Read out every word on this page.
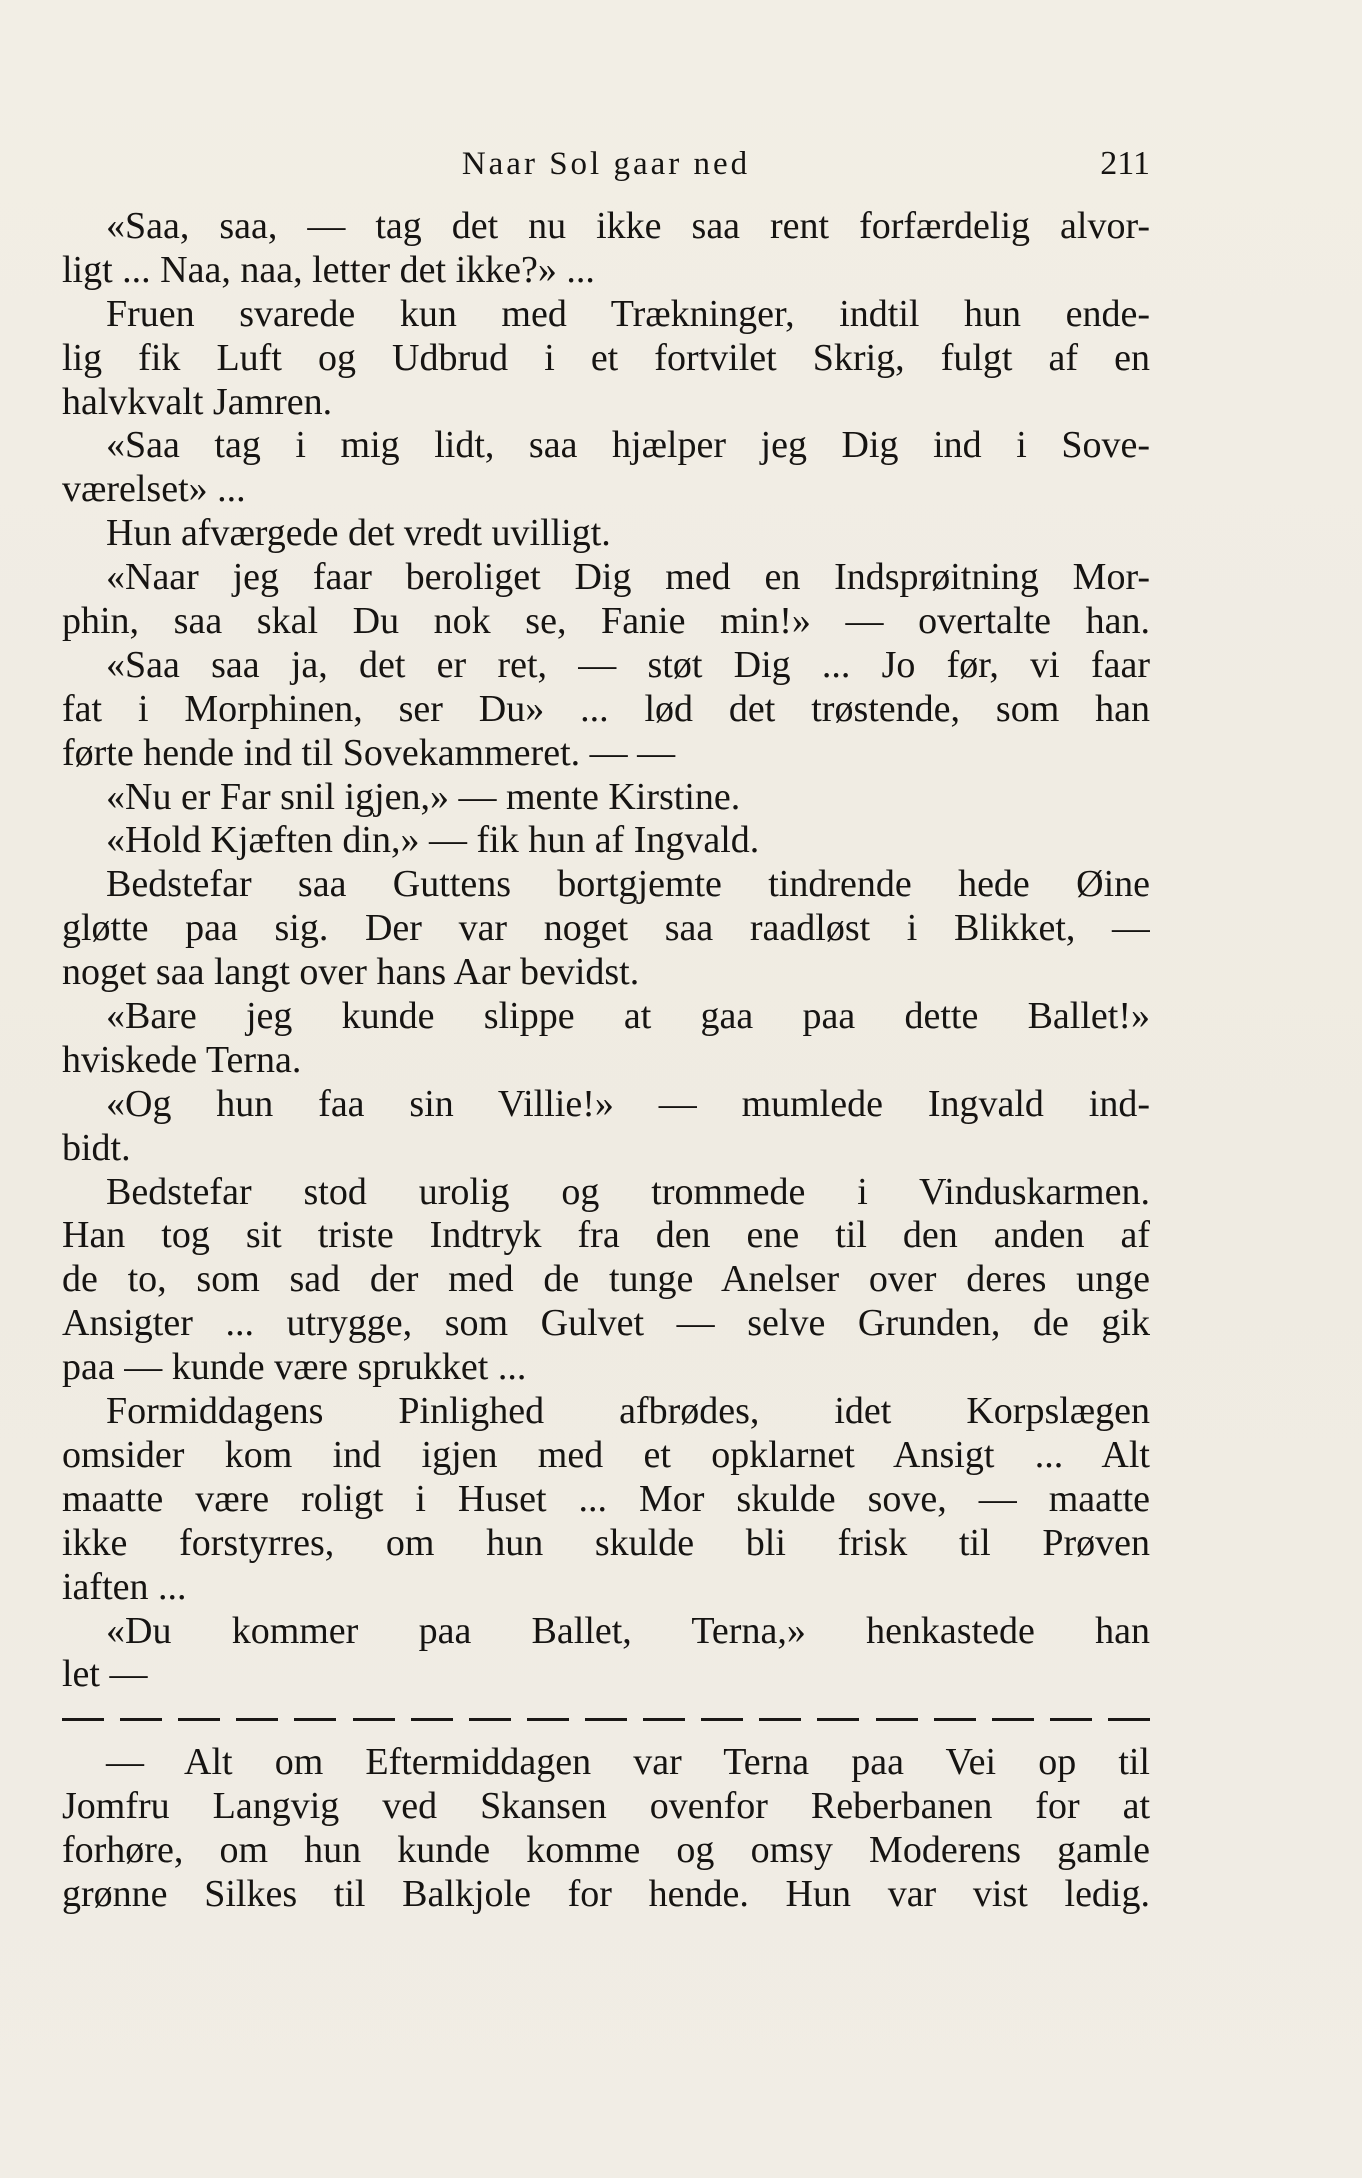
Naar Sol gaar ned	211
«Saa, saa, — tag det nu ikke saa rent forfærdelig alvor-
ligt ... Naa, naa, letter det ikke?» ...
Fruen svarede kun med Trækninger, indtil hun ende-
lig fik Luft og Udbrud i et fortvilet Skrig, fulgt af en
halvkvalt Jamren.
«Saa tag i mig lidt, saa hjælper jeg Dig ind i Sove-
værelset» ...
Hun afværgede det vredt uvilligt.
«Naar jeg faar beroliget Dig med en Indsprøitning Mor-
phin, saa skal Du nok se, Fanie min!» — overtalte han.
«Saa saa ja, det er ret, — støt Dig ... Jo før, vi faar
fat i Morphinen, ser Du» ... lød det trøstende, som han
førte hende ind til Sovekammeret. — —
«Nu er Far snil igjen,» — mente Kirstine.
«Hold Kjæften din,» — fik hun af Ingvald.
Bedstefar saa Guttens bortgjemte tindrende hede Øine
gløtte paa sig. Der var noget saa raadløst i Blikket, —
noget saa langt over hans Aar bevidst.
«Bare jeg kunde slippe at gaa paa dette Ballet!»
hviskede Terna.
«Og hun faa sin Villie!» — mumlede Ingvald ind-
bidt.
Bedstefar stod urolig og trommede i Vinduskarmen.
Han tog sit triste Indtryk fra den ene til den anden af
de to, som sad der med de tunge Anelser over deres unge
Ansigter ... utrygge, som Gulvet — selve Grunden, de gik
paa — kunde være sprukket ...
Formiddagens Pinlighed afbrødes, idet Korpslægen
omsider kom ind igjen med et opklarnet Ansigt ... Alt
maatte være roligt i Huset ... Mor skulde sove, — maatte
ikke forstyrres, om hun skulde bli frisk til Prøven
iaften ...
«Du kommer paa Ballet, Terna,» henkastede han
let —
— Alt om Eftermiddagen var Terna paa Vei op til
Jomfru Langvig ved Skansen ovenfor Reberbanen for at
forhøre, om hun kunde komme og omsy Moderens gamle
grønne Silkes til Balkjole for hende. Hun var vist ledig.
